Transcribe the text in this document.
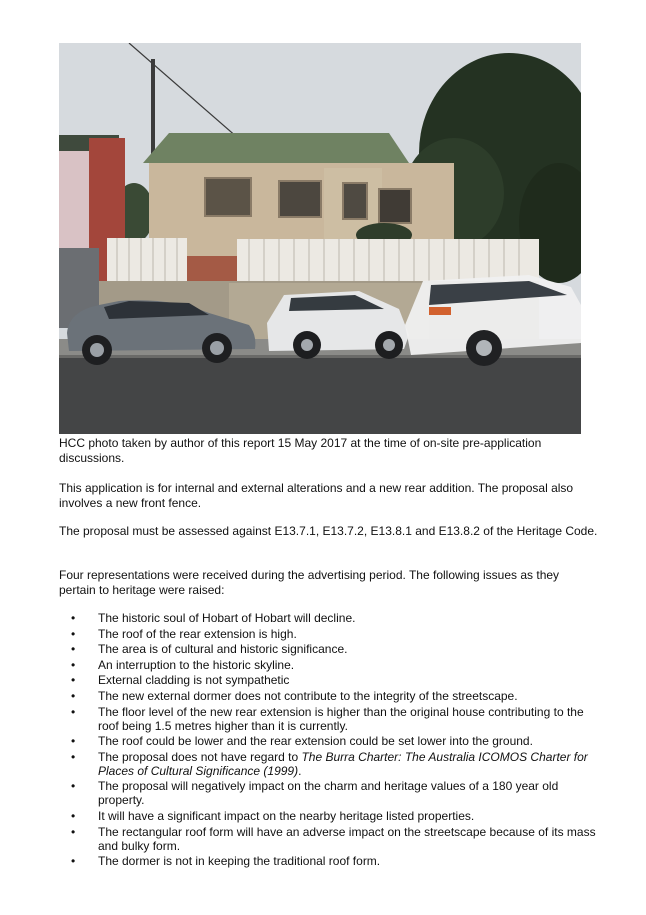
HCC photo taken by author of this report 15 May 2017 at the time of on-site pre-application discussions.

This application is for internal and external alterations and a new rear addition. The proposal also involves a new front fence.

The proposal must be assessed against E13.7.1, E13.7.2, E13.8.1 and E13.8.2 of the Heritage Code.

Four representations were received during the advertising period. The following issues as they pertain to heritage were raised:

• The historic soul of Hobart of Hobart will decline.
• The roof of the rear extension is high.
• The area is of cultural and historic significance.
• An interruption to the historic skyline.
• External cladding is not sympathetic
• The new external dormer does not contribute to the integrity of the streetscape.
• The floor level of the new rear extension is higher than the original house contributing to the roof being 1.5 metres higher than it is currently.
• The roof could be lower and the rear extension could be set lower into the ground.
• The proposal does not have regard to The Burra Charter: The Australia ICOMOS Charter for Places of Cultural Significance (1999).
• The proposal will negatively impact on the charm and heritage values of a 180 year old property.
• It will have a significant impact on the nearby heritage listed properties.
• The rectangular roof form will have an adverse impact on the streetscape because of its mass and bulky form.
• The dormer is not in keeping the traditional roof form.
